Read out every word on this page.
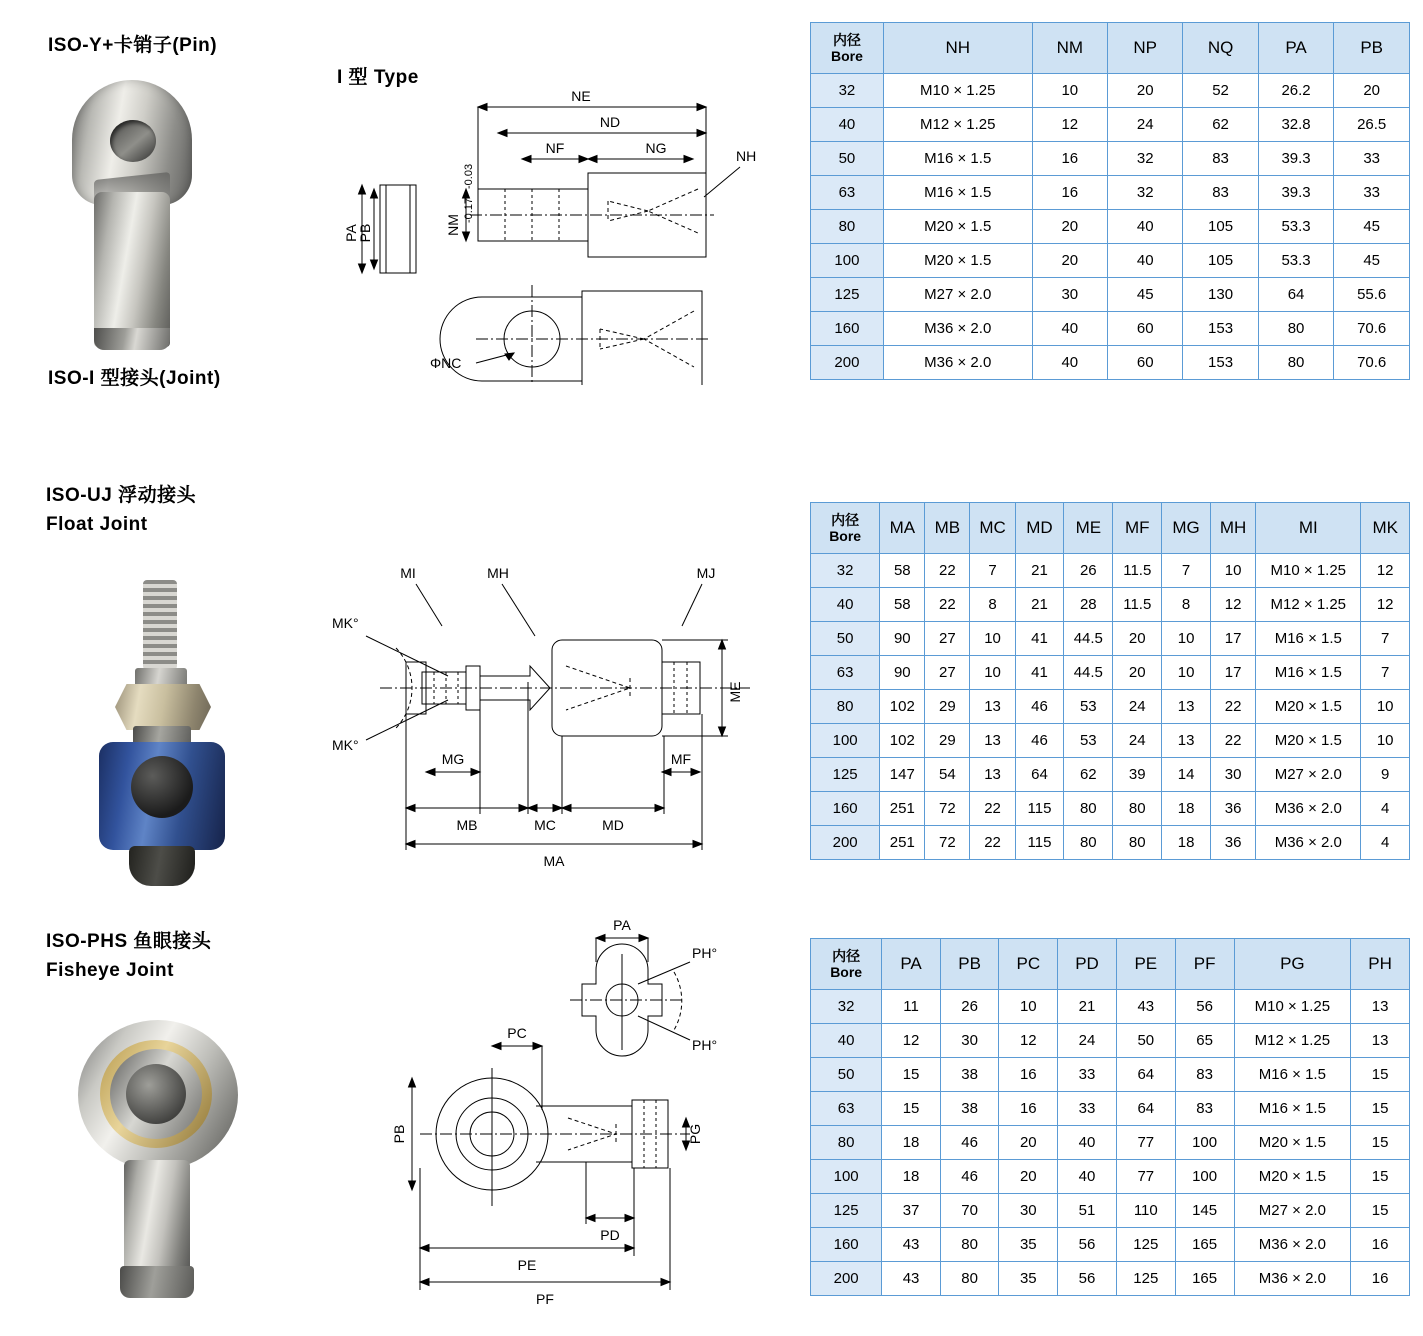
ISO-Y+卡销子(Pin)
ISO-I 型接头(Joint)
I 型 Type
NE
ND
NF	NG	NH
PA
PB	NM
-0.03
-0.17
ΦNC
内径
Bore	NH	NM	NP	NQ	PA	PB
32	M10 × 1.25	10	20	52	26.2	20
40	M12 × 1.25	12	24	62	32.8	26.5
50	M16 × 1.5	16	32	83	39.3	33
63	M16 × 1.5	16	32	83	39.3	33
80	M20 × 1.5	20	40	105	53.3	45
100	M20 × 1.5	20	40	105	53.3	45
125	M27 × 2.0	30	45	130	64	55.6
160	M36 × 2.0	40	60	153	80	70.6
200	M36 × 2.0	40	60	153	80	70.6
ISO-UJ 浮动接头
Float Joint
MI	MH	MJ
MK°
MK°
ME
MG	MF
MB	MC	MD
MA
内径
Bore	MA	MB	MC	MD	ME	MF	MG	MH	MI	MK
32	58	22	7	21	26	11.5	7	10	M10 × 1.25	12
40	58	22	8	21	28	11.5	8	12	M12 × 1.25	12
50	90	27	10	41	44.5	20	10	17	M16 × 1.5	7
63	90	27	10	41	44.5	20	10	17	M16 × 1.5	7
80	102	29	13	46	53	24	13	22	M20 × 1.5	10
100	102	29	13	46	53	24	13	22	M20 × 1.5	10
125	147	54	13	64	62	39	14	30	M27 × 2.0	9
160	251	72	22	115	80	80	18	36	M36 × 2.0	4
200	251	72	22	115	80	80	18	36	M36 × 2.0	4
ISO-PHS 鱼眼接头
Fisheye Joint
PA
PH°
PH°
PC
PB	PG
PD
PE
PF
内径
Bore	PA	PB	PC	PD	PE	PF	PG	PH
32	11	26	10	21	43	56	M10 × 1.25	13
40	12	30	12	24	50	65	M12 × 1.25	13
50	15	38	16	33	64	83	M16 × 1.5	15
63	15	38	16	33	64	83	M16 × 1.5	15
80	18	46	20	40	77	100	M20 × 1.5	15
100	18	46	20	40	77	100	M20 × 1.5	15
125	37	70	30	51	110	145	M27 × 2.0	15
160	43	80	35	56	125	165	M36 × 2.0	16
200	43	80	35	56	125	165	M36 × 2.0	16
